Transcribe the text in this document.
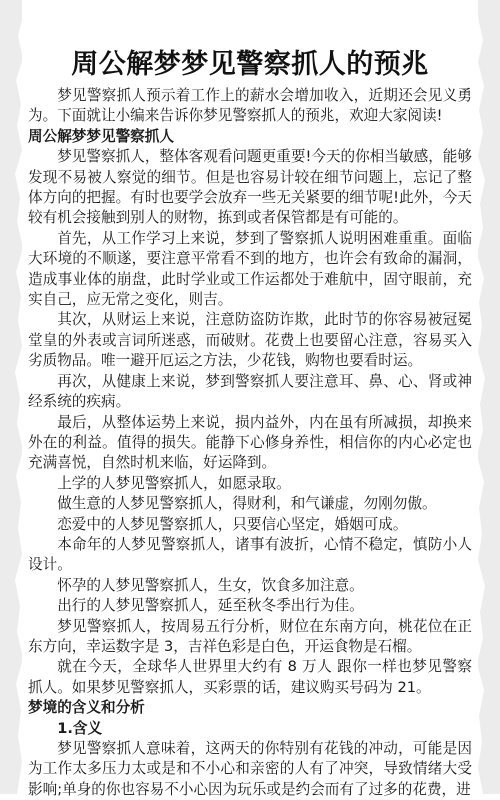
周公解梦梦见警察抓人的预兆

梦见警察抓人预示着工作上的薪水会增加收入，近期还会见义勇为。下面就让小编来告诉你梦见警察抓人的预兆，欢迎大家阅读!

周公解梦梦见警察抓人

梦见警察抓人，整体客观看问题更重要!今天的你相当敏感，能够发现不易被人察觉的细节。但是也容易计较在细节问题上，忘记了整体方向的把握。有时也要学会放弃一些无关紧要的细节呢!此外，今天较有机会接触到别人的财物，拣到或者保管都是有可能的。

首先，从工作学习上来说，梦到了警察抓人说明困难重重。面临大环境的不顺遂，要注意平常看不到的地方，也许会有致命的漏洞，造成事业体的崩盘，此时学业或工作运都处于难航中，固守眼前，充实自己，应无常之变化，则吉。

其次，从财运上来说，注意防盗防诈欺，此时节的你容易被冠冕堂皇的外表或言词所迷惑，而破财。花费上也要留心注意，容易买入劣质物品。唯一避开厄运之方法，少花钱，购物也要看时运。

再次，从健康上来说，梦到警察抓人要注意耳、鼻、心、肾或神经系统的疾病。

最后，从整体运势上来说，损内益外，内在虽有所减损，却换来外在的利益。值得的损失。能静下心修身养性，相信你的内心必定也充满喜悦，自然时机来临，好运降到。

上学的人梦见警察抓人，如愿录取。

做生意的人梦见警察抓人，得财利，和气谦虚，勿刚勿傲。

恋爱中的人梦见警察抓人，只要信心坚定，婚姻可成。

本命年的人梦见警察抓人，诸事有波折，心情不稳定，慎防小人设计。

怀孕的人梦见警察抓人，生女，饮食多加注意。

出行的人梦见警察抓人，延至秋冬季出行为佳。

梦见警察抓人，按周易五行分析，财位在东南方向，桃花位在正东方向，幸运数字是 3，吉祥色彩是白色，开运食物是石榴。

就在今天，全球华人世界里大约有 8 万人 跟你一样也梦见警察抓人。如果梦见警察抓人，买彩票的话，建议购买号码为 21。

梦境的含义和分析

1.含义

梦见警察抓人意味着，这两天的你特别有花钱的冲动，可能是因为工作太多压力太或是和不小心和亲密的人有了冲突，导致情绪大受影响;单身的你也容易不小心因为玩乐或是约会而有了过多的花费，进
